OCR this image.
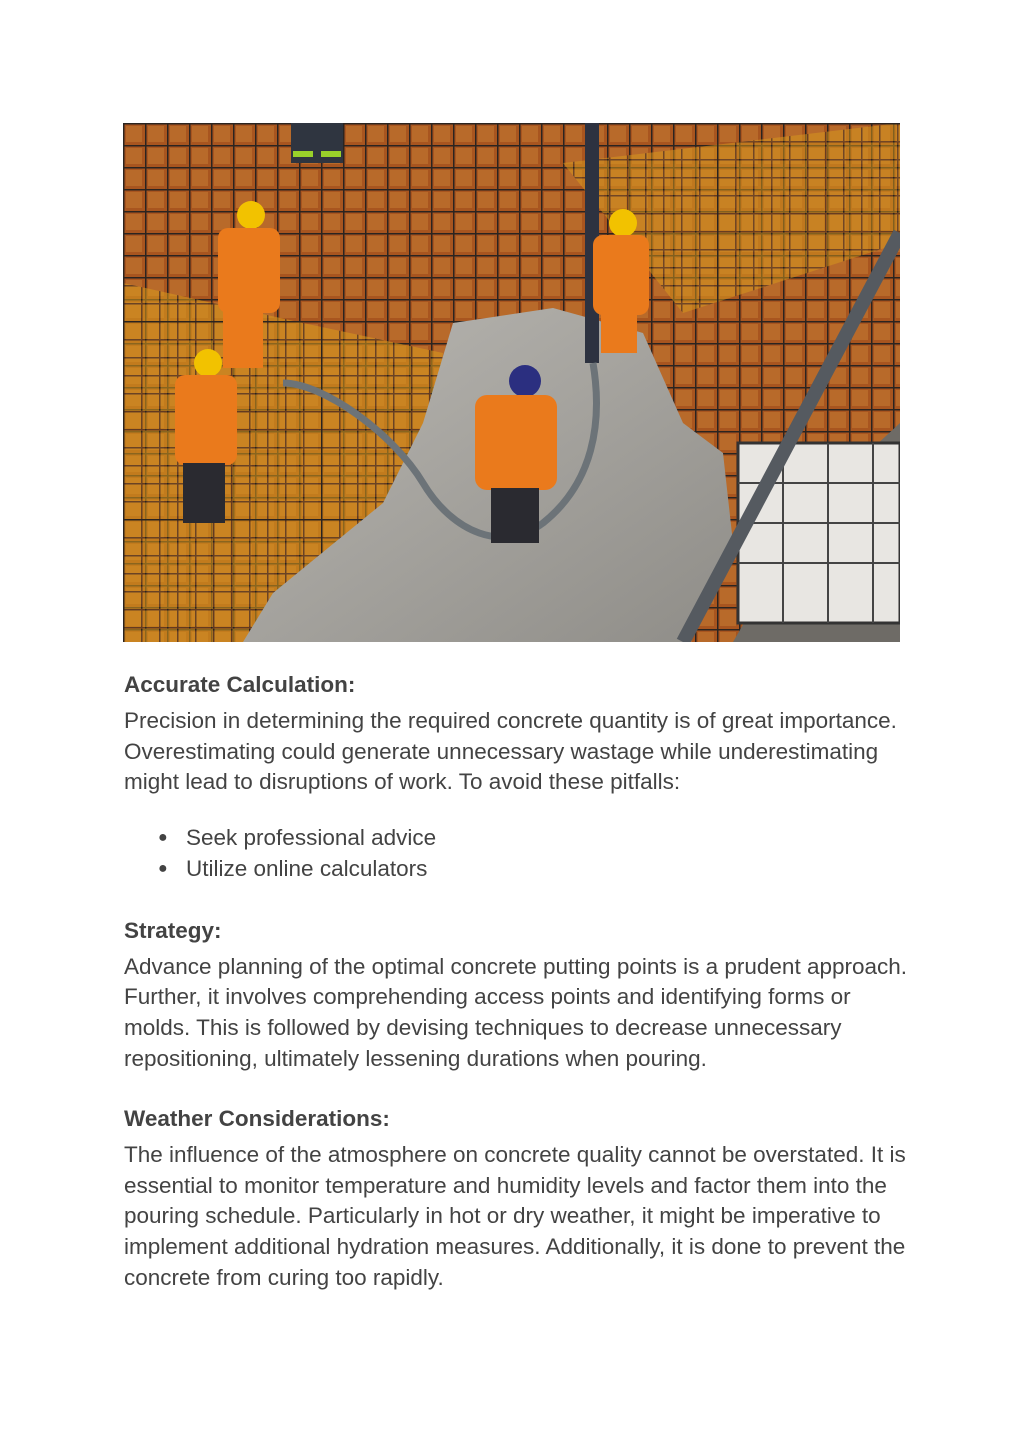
Accurate Calculation:

Precision in determining the required concrete quantity is of great importance. Overestimating could generate unnecessary wastage while underestimating might lead to disruptions of work. To avoid these pitfalls:

● Seek professional advice
● Utilize online calculators
Strategy:

Advance planning of the optimal concrete putting points is a prudent approach. Further, it involves comprehending access points and identifying forms or molds. This is followed by devising techniques to decrease unnecessary repositioning, ultimately lessening durations when pouring.

Weather Considerations:

The influence of the atmosphere on concrete quality cannot be overstated. It is essential to monitor temperature and humidity levels and factor them into the pouring schedule. Particularly in hot or dry weather, it might be imperative to implement additional hydration measures. Additionally, it is done to prevent the concrete from curing too rapidly.
